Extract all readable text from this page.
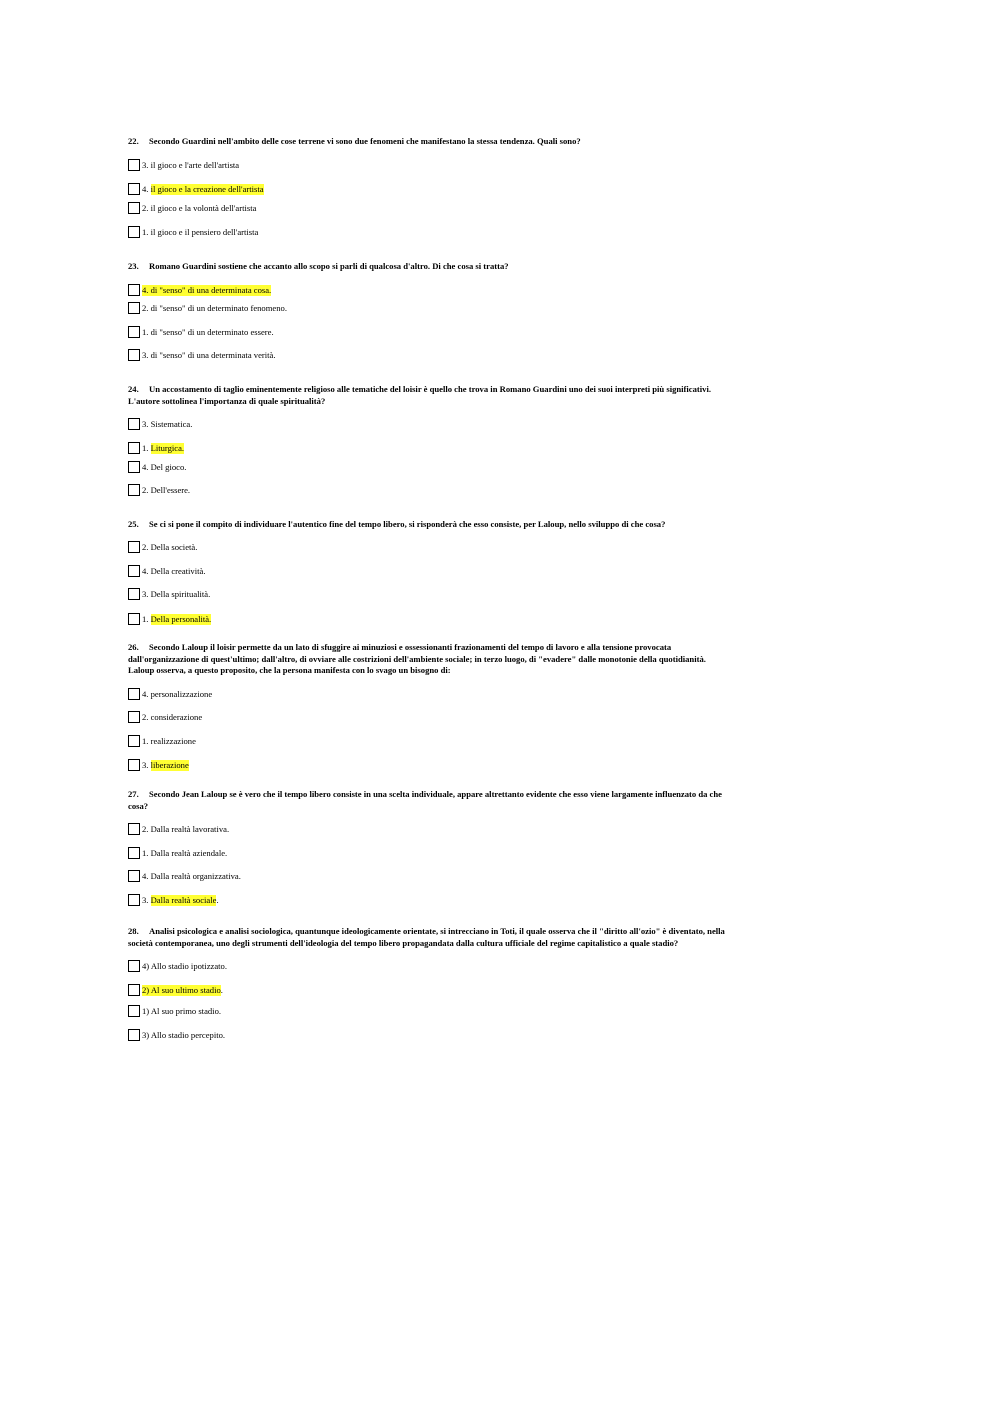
22. Secondo Guardini nell'ambito delle cose terrene vi sono due fenomeni che manifestano la stessa tendenza. Quali sono?

3. il gioco e l'arte dell'artista
4. il gioco e la creazione dell'artista
2. il gioco e la volontà dell'artista
1. il gioco e il pensiero dell'artista

23. Romano Guardini sostiene che accanto allo scopo si parli di qualcosa d'altro. Di che cosa si tratta?

4. di "senso" di una determinata cosa.
2. di "senso" di un determinato fenomeno.
1. di "senso" di un determinato essere.
3. di "senso" di una determinata verità.

24. Un accostamento di taglio eminentemente religioso alle tematiche del loisir è quello che trova in Romano Guardini uno dei suoi interpreti più significativi.
L'autore sottolinea l'importanza di quale spiritualità?

3. Sistematica.
1. Liturgica.
4. Del gioco.
2. Dell'essere.

25. Se ci si pone il compito di individuare l'autentico fine del tempo libero, si risponderà che esso consiste, per Laloup, nello sviluppo di che cosa?

2. Della società.
4. Della creatività.
3. Della spiritualità.
1. Della personalità.

26. Secondo Laloup il loisir permette da un lato di sfuggire ai minuziosi e ossessionanti frazionamenti del tempo di lavoro e alla tensione provocata
dall'organizzazione di quest'ultimo; dall'altro, di ovviare alle costrizioni dell'ambiente sociale; in terzo luogo, di "evadere" dalle monotonie della quotidianità.
Laloup osserva, a questo proposito, che la persona manifesta con lo svago un bisogno di:

4. personalizzazione
2. considerazione
1. realizzazione
3. liberazione

27. Secondo Jean Laloup se è vero che il tempo libero consiste in una scelta individuale, appare altrettanto evidente che esso viene largamente influenzato da che
cosa?

2. Dalla realtà lavorativa.
1. Dalla realtà aziendale.
4. Dalla realtà organizzativa.
3. Dalla realtà sociale .

28. Analisi psicologica e analisi sociologica, quantunque ideologicamente orientate, si intrecciano in Toti, il quale osserva che il "diritto all'ozio" è diventato, nella
società contemporanea, uno degli strumenti dell'ideologia del tempo libero propagandata dalla cultura ufficiale del regime capitalistico a quale stadio?

4) Allo stadio ipotizzato.
2) Al suo ultimo stadio .
1) Al suo primo stadio.
3) Allo stadio percepito.
